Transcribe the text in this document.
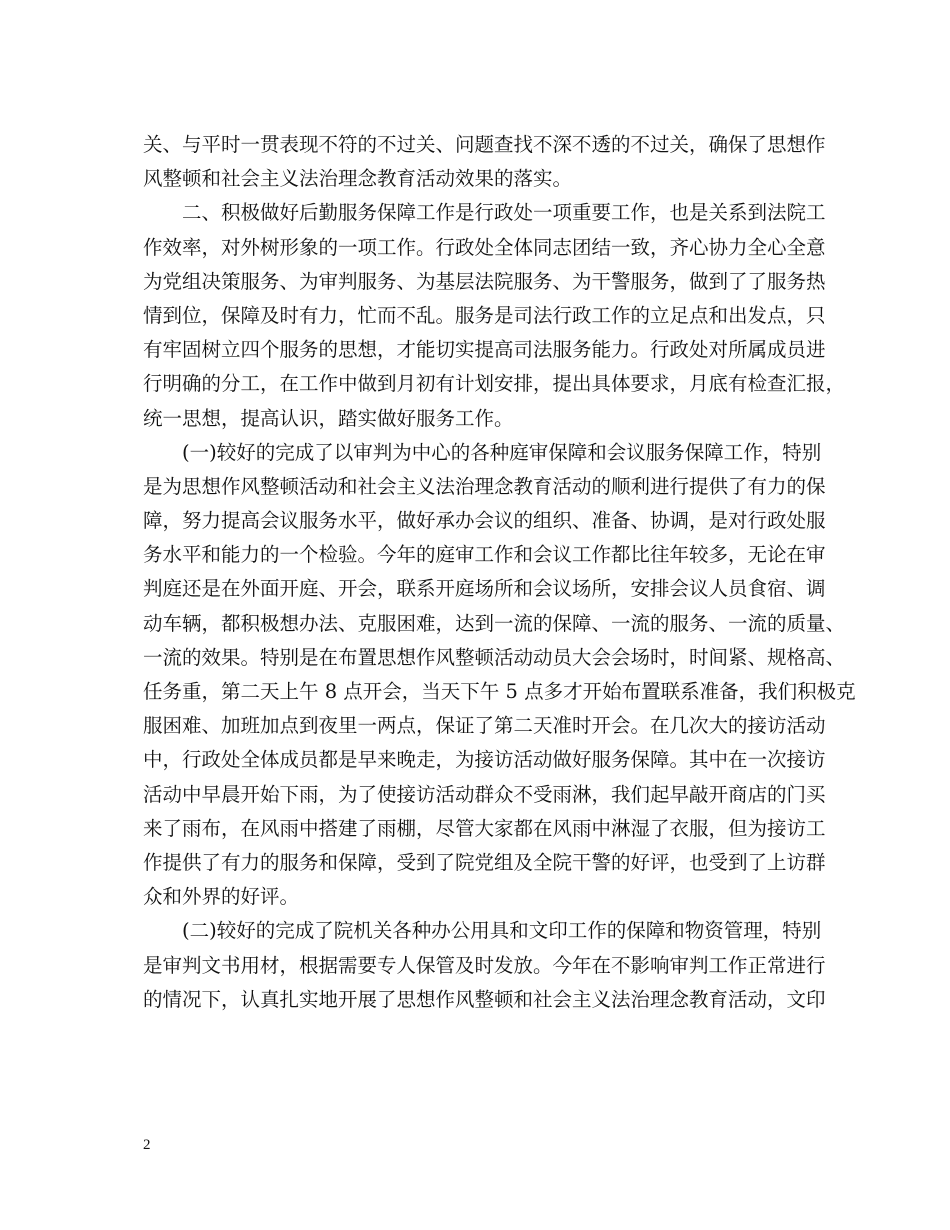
关、与平时一贯表现不符的不过关、问题查找不深不透的不过关，确保了思想作
风整顿和社会主义法治理念教育活动效果的落实。
二、积极做好后勤服务保障工作是行政处一项重要工作，也是关系到法院工
作效率，对外树形象的一项工作。行政处全体同志团结一致，齐心协力全心全意
为党组决策服务、为审判服务、为基层法院服务、为干警服务，做到了了服务热
情到位，保障及时有力，忙而不乱。服务是司法行政工作的立足点和出发点，只
有牢固树立四个服务的思想，才能切实提高司法服务能力。行政处对所属成员进
行明确的分工，在工作中做到月初有计划安排，提出具体要求，月底有检查汇报，
统一思想，提高认识，踏实做好服务工作。
(一)较好的完成了以审判为中心的各种庭审保障和会议服务保障工作，特别
是为思想作风整顿活动和社会主义法治理念教育活动的顺利进行提供了有力的保
障，努力提高会议服务水平，做好承办会议的组织、准备、协调，是对行政处服
务水平和能力的一个检验。今年的庭审工作和会议工作都比往年较多，无论在审
判庭还是在外面开庭、开会，联系开庭场所和会议场所，安排会议人员食宿、调
动车辆，都积极想办法、克服困难，达到一流的保障、一流的服务、一流的质量、
一流的效果。特别是在布置思想作风整顿活动动员大会会场时，时间紧、规格高、
任务重，第二天上午 8 点开会，当天下午 5 点多才开始布置联系准备，我们积极克
服困难、加班加点到夜里一两点，保证了第二天准时开会。在几次大的接访活动
中，行政处全体成员都是早来晚走，为接访活动做好服务保障。其中在一次接访
活动中早晨开始下雨，为了使接访活动群众不受雨淋，我们起早敲开商店的门买
来了雨布，在风雨中搭建了雨棚，尽管大家都在风雨中淋湿了衣服，但为接访工
作提供了有力的服务和保障，受到了院党组及全院干警的好评，也受到了上访群
众和外界的好评。
(二)较好的完成了院机关各种办公用具和文印工作的保障和物资管理，特别
是审判文书用材，根据需要专人保管及时发放。今年在不影响审判工作正常进行
的情况下，认真扎实地开展了思想作风整顿和社会主义法治理念教育活动，文印
2
